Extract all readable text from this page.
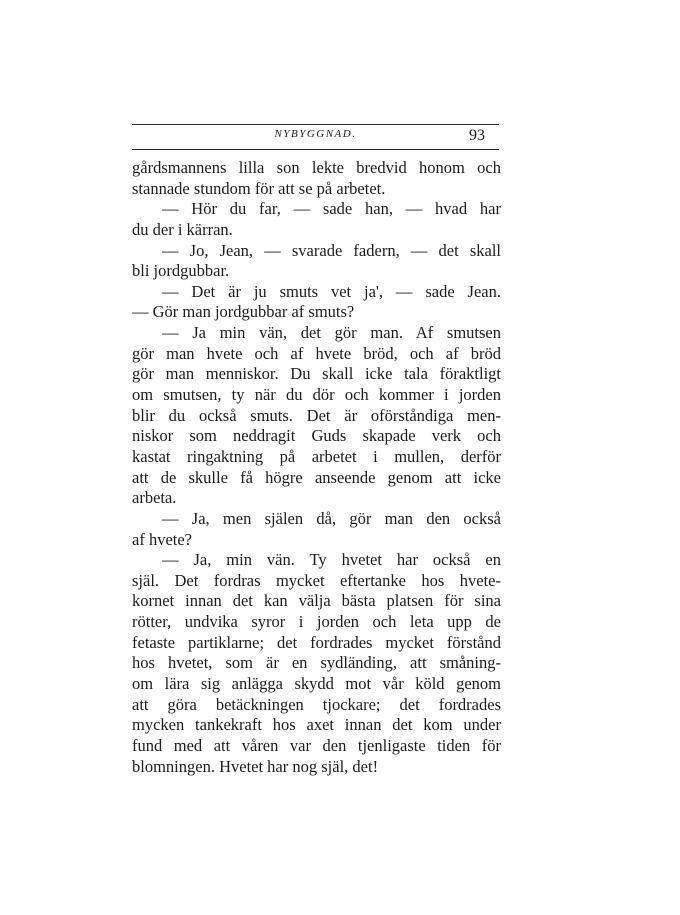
NYBYGGNAD.	93
gårdsmannens lilla son lekte bredvid honom och
stannade stundom för att se på arbetet.
— Hör du far, — sade han, — hvad har
du der i kärran.
— Jo, Jean, — svarade fadern, — det skall
bli jordgubbar.
— Det är ju smuts vet ja', — sade Jean.
— Gör man jordgubbar af smuts?
— Ja min vän, det gör man. Af smutsen
gör man hvete och af hvete bröd, och af bröd
gör man menniskor. Du skall icke tala föraktligt
om smutsen, ty när du dör och kommer i jorden
blir du också smuts. Det är oförståndiga men-
niskor som neddragit Guds skapade verk och
kastat ringaktning på arbetet i mullen, derför
att de skulle få högre anseende genom att icke
arbeta.
— Ja, men själen då, gör man den också
af hvete?
— Ja, min vän. Ty hvetet har också en
själ. Det fordras mycket eftertanke hos hvete-
kornet innan det kan välja bästa platsen för sina
rötter, undvika syror i jorden och leta upp de
fetaste partiklarne; det fordrades mycket förstånd
hos hvetet, som är en sydländing, att småning-
om lära sig anlägga skydd mot vår köld genom
att göra betäckningen tjockare; det fordrades
mycken tankekraft hos axet innan det kom under
fund med att våren var den tjenligaste tiden för
blomningen. Hvetet har nog själ, det!
